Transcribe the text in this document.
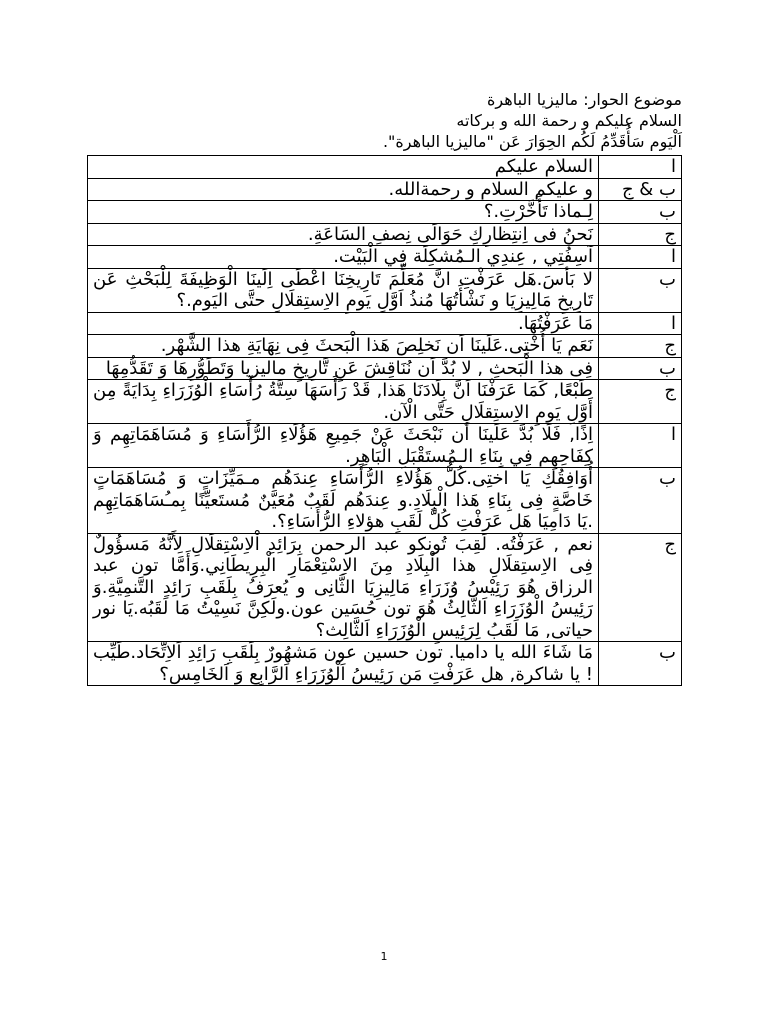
موضوع الحوار: ماليزيا الباهرة
السلام عليكم و رحمة الله و بركاته
اَلْيَوم سَأُقَدِّمُ لَكُم الحِوَارَ عَن "ماليزيا الباهرة".
ا	السلام عليكم
ب & ج	و عليكم السلام و رحمةالله.
ب	لِـماذا تَأَخَّرْتِ.؟
ج	نَحنُ فى اِنتِظارِكِ حَوَالَى نِصفِ السَاعَةِ.
ا	آسِفُتِي , عِندِي الـمُشكِلَة فِي الْبَيْت.
ب	لا بَأسَ.هَل عَرَفْتِ انَّ مُعَلِّمَ تَارِيخِنَا اعْطَى اِلَينَا الْوَظِيفَةَ لِلْبَحْثِ عَن تَارِيخِ مَالِيزِيَا و نَشْأَتُهَا مُنذُ اَوَّلِ يَومِ الاِستِقلَالِ حتَّى اليَوم.؟
ا	مَا عَرَفْتُهَا.
ج	نَعَم يَا أُخْتِى.عَلَينَا اَن نَخلِصَ هَذا الْبَحثَ فِى نِهَايَةِ هذا الشَّهْر.
ب	فِى هذا الْبَحثِ , لا بُدَّ اَن نُنَاقِشَ عَنِ تَّارِيخِ ماليزيا وَتَطَوُّرِهَا وَ تَقَدُّمِهَا
ج	طَبْعًا, كَمَا عَرَفْنَا اَنَّ بِلَادَنَا هَذا, قَدْ رَأَسَهَا سِتَّةُ رُأَسَاءِ الْوُزَرَاءِ بِدَايَةً مِن أَوَّلِ يَومِ الاِستِقلَالِ حَتَّى الْآن.
ا	اِذًا, فَلَا بُدَّ عَلَينَا أن نَبْحَثَ عَنْ جَمِيعِ هَؤُلَاءِ الرُّأَسَاءِ وَ مُسَاهَمَاتِهِم وَ كِفَاحِهِم فِي بِنَاءِ الـمُستَقْبَلِ الْبَاهِر.
ب	أُوَافِقُكِ يَا اختِى.كُلُّ هَؤُلاءِ الرُّأَسَاءِ عِندَهُم مـمَيِّزَاتٍ وَ مُسَاهَمَاتٍ خَاصَّةٍ فِى بِنَاءِ هَذا الْبِلَادِ.و عِندَهُم لَقَبٌ مُعَيَّنٌ مُستَعيِّنًا بِمـُسَاهَمَاتِهِم .يَا دَامِيَا هَل عَرَفْتِ كُلَّ لَقَبِ هؤلاءِ الرُّأَسَاءِ؟.
ج	نعم , عَرَفْتُه. لَقِبَ تُونكو عبد الرحمن بِرَائِدِ اْلاِسْتِقلَالِ لِأَنَّهُ مَسؤُولٌ فِى الاِستِقلَالِ هذا الْبِلَادِ مِنَ الاِسْتِعْمَارِ الْبِرِيطَانِي.وَأَمَّا تون عبد الرزاق هُوَ رَئِيْسُ وُزَرَاءِ مَالِيزِيَا الثَّانِى و يُعرَفُ بِلَقَبِ رَائِدِ التَّنمِيَّةِ.وَ رَئِيسُ الْوُزَرَاءِ اَلثَّالِثُ هُوَ تون حُسَين عون.ولَكِنَّ نَسِيْتُ مَا لَقَبُه.يَا نور حياتى, مَا لَقَبُ لِرَئِيسِ الْوُزَرَاءِ اَلثَّالِث؟
ب	مَا شَاءَ الله يا داميا. تون حسين عون مَشهُورٌ بِلَقَبِ رَائِدِ اَلاِتِّحَاد.طَيِّب ! يا شاكرة, هل عَرَفْتِ مَن رَئِيسُ اَلْوُزَرَاءِ اَلرَّابِع وَ اَلخَامِس؟
1
